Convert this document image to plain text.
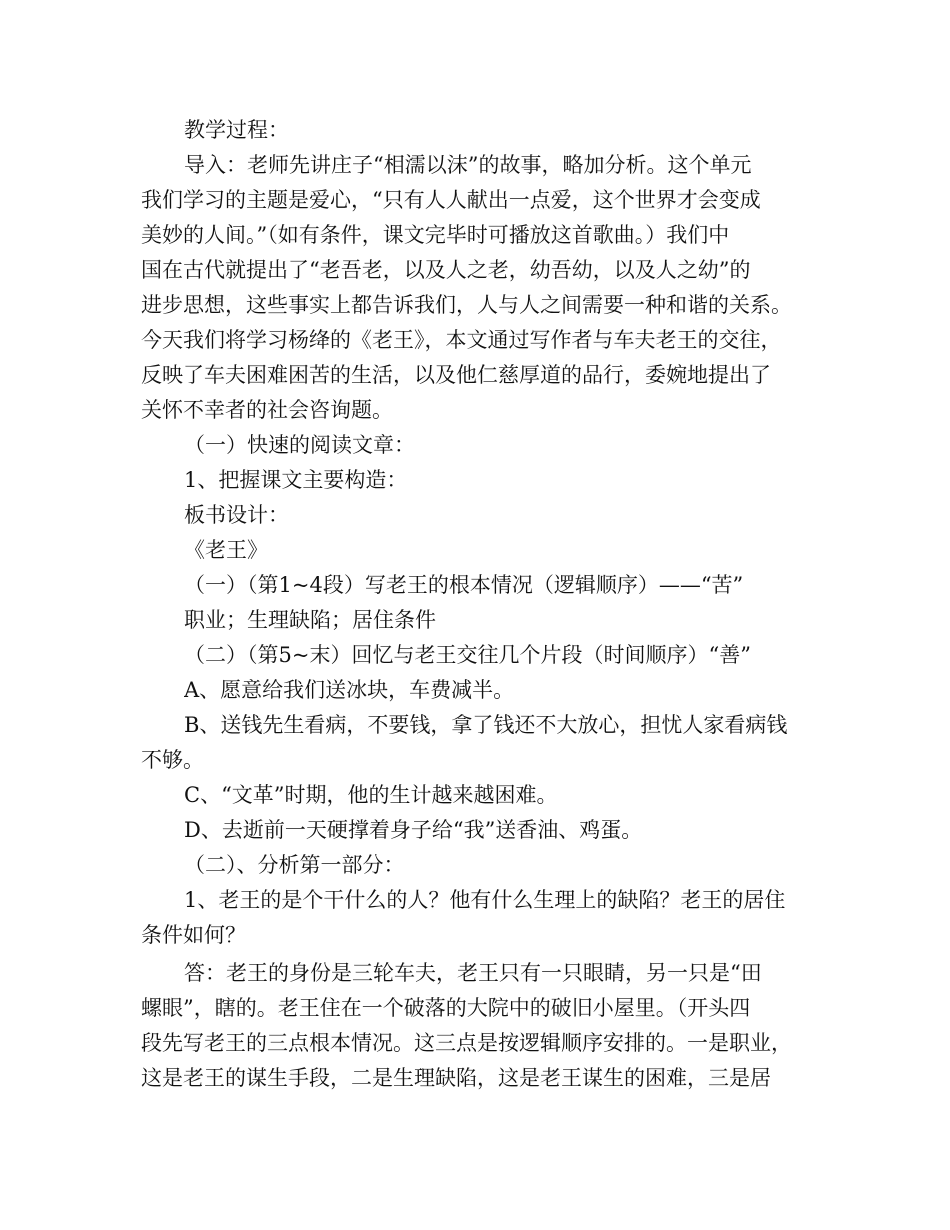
教学过程：
导入：老师先讲庄子“相濡以沫”的故事，略加分析。这个单元
我们学习的主题是爱心，“只有人人献出一点爱，这个世界才会变成
美妙的人间。”（如有条件，课文完毕时可播放这首歌曲。）我们中
国在古代就提出了“老吾老，以及人之老，幼吾幼，以及人之幼”的
进步思想，这些事实上都告诉我们，人与人之间需要一种和谐的关系。
今天我们将学习杨绛的《老王》，本文通过写作者与车夫老王的交往，
反映了车夫困难困苦的生活，以及他仁慈厚道的品行，委婉地提出了
关怀不幸者的社会咨询题。
（一）快速的阅读文章：
1、把握课文主要构造：
板书设计：
《老王》
（一）（第1~4段）写老王的根本情况（逻辑顺序）——“苦”
职业；生理缺陷；居住条件
（二）（第5~末）回忆与老王交往几个片段（时间顺序）“善”
A、愿意给我们送冰块，车费减半。
B、送钱先生看病，不要钱，拿了钱还不大放心，担忧人家看病钱
不够。
C、“文革”时期，他的生计越来越困难。
D、去逝前一天硬撑着身子给“我”送香油、鸡蛋。
（二）、分析第一部分：
1、老王的是个干什么的人？他有什么生理上的缺陷？老王的居住
条件如何？
答：老王的身份是三轮车夫，老王只有一只眼睛，另一只是“田
螺眼”，瞎的。老王住在一个破落的大院中的破旧小屋里。（开头四
段先写老王的三点根本情况。这三点是按逻辑顺序安排的。一是职业，
这是老王的谋生手段，二是生理缺陷，这是老王谋生的困难，三是居
